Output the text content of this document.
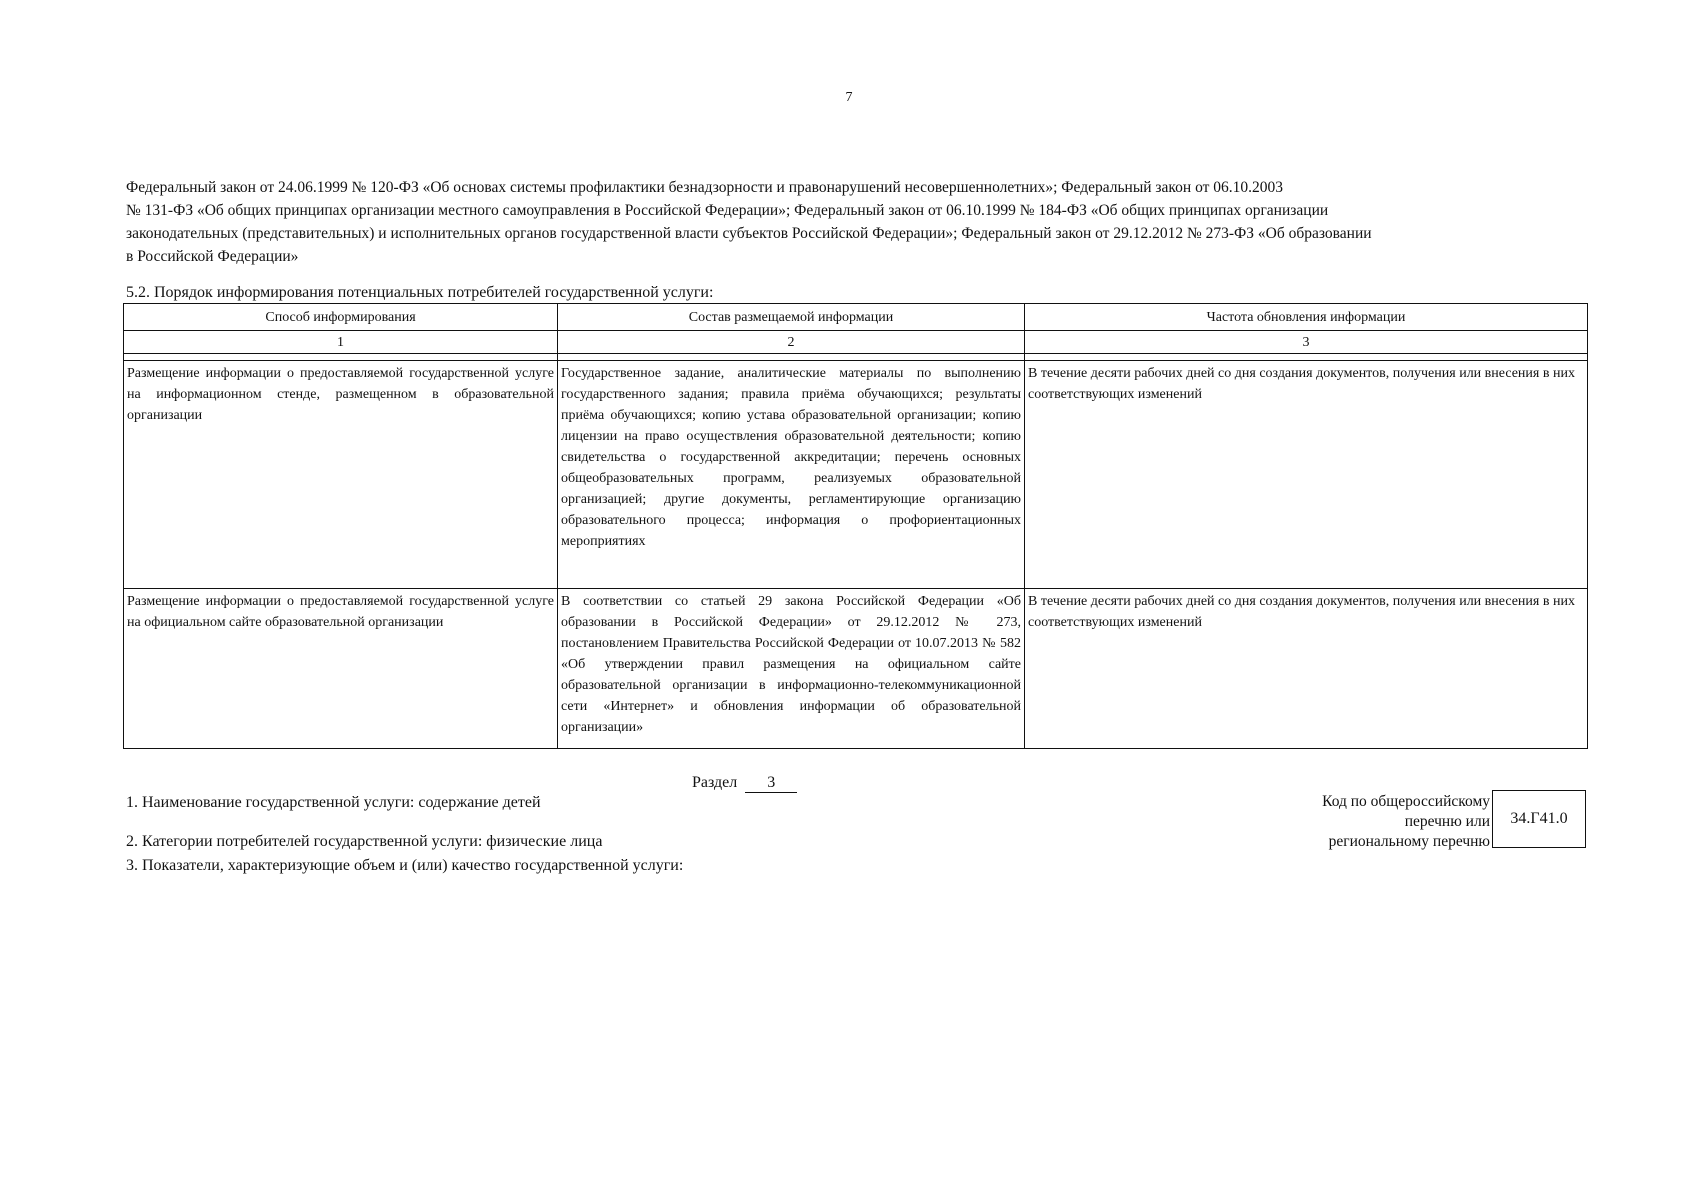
7
Федеральный закон от 24.06.1999 № 120-ФЗ «Об основах системы профилактики безнадзорности и правонарушений несовершеннолетних»; Федеральный закон от 06.10.2003
№ 131-ФЗ «Об общих принципах организации местного самоуправления в Российской Федерации»; Федеральный закон от 06.10.1999 № 184-ФЗ «Об общих принципах организации
законодательных (представительных) и исполнительных органов государственной власти субъектов Российской Федерации»; Федеральный закон от 29.12.2012 № 273-ФЗ «Об образовании
в Российской Федерации»
5.2. Порядок информирования потенциальных потребителей государственной услуги:
Способ информирования	Состав размещаемой информации	Частота обновления информации
1	2	3

Размещение информации о предоставляемой государственной услуге на информационном стенде, размещенном в образовательной организации	Государственное задание, аналитические материалы по выполнению государственного задания; правила приёма обучающихся; результаты приёма обучающихся; копию устава образовательной организации; копию лицензии на право осуществления образовательной деятельности; копию свидетельства о государственной аккредитации; перечень основных общеобразовательных программ, реализуемых образовательной организацией; другие документы, регламентирующие организацию образовательного процесса; информация о профориентационных мероприятиях	В течение десяти рабочих дней со дня создания документов, получения или внесения в них соответствующих изменений
Размещение информации о предоставляемой государственной услуге на официальном сайте образовательной организации	В соответствии со статьей 29 закона Российской Федерации «Об образовании в Российской Федерации» от 29.12.2012 № 273, постановлением Правительства Российской Федерации от 10.07.2013 № 582 «Об утверждении правил размещения на официальном сайте образовательной организации в информационно-телекоммуникационной сети «Интернет» и обновления информации об образовательной организации»	В течение десяти рабочих дней со дня создания документов, получения или внесения в них соответствующих изменений
Раздел 3
1. Наименование государственной услуги: содержание детей
2. Категории потребителей государственной услуги: физические лица
3. Показатели, характеризующие объем и (или) качество государственной услуги:
Код по общероссийскому
перечню или
региональному перечню
34.Г41.0
